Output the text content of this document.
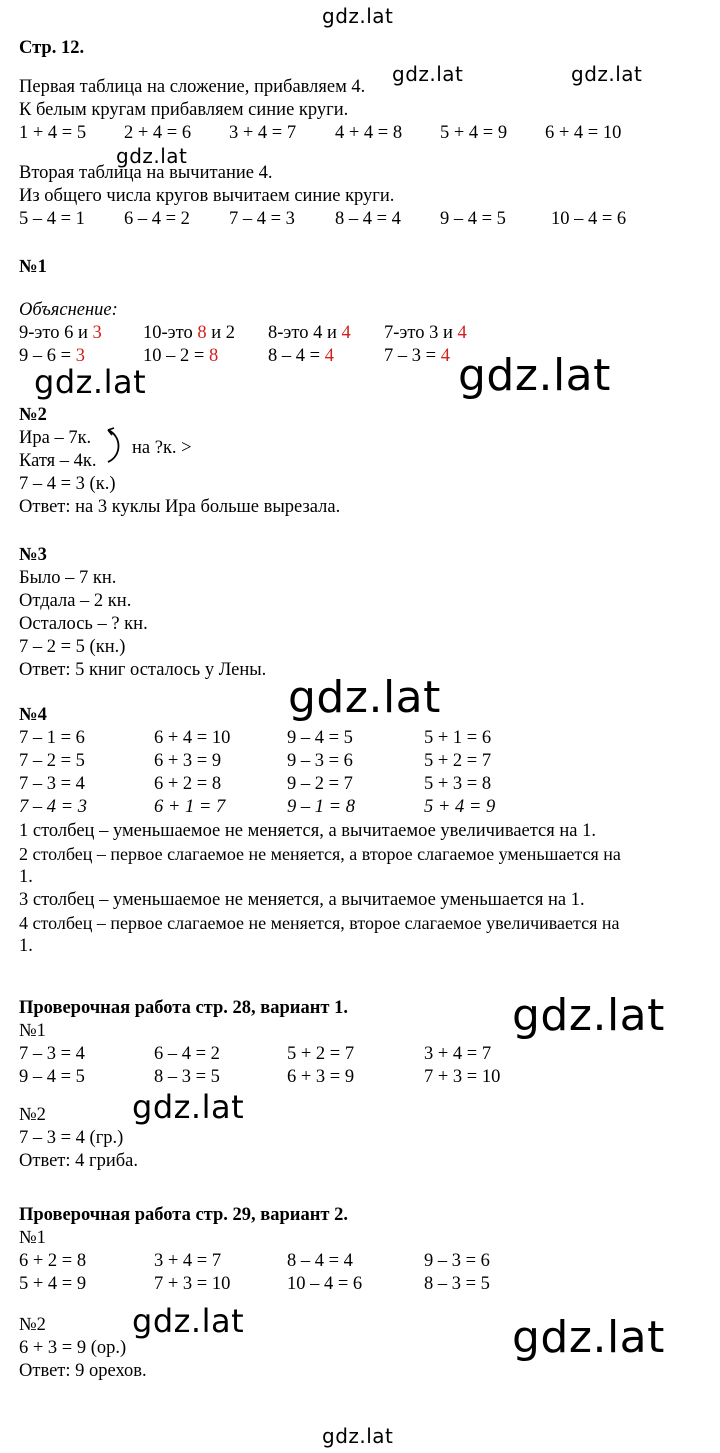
gdz.lat
gdz.lat	gdz.lat
gdz.lat
gdz.lat	gdz.lat
gdz.lat
gdz.lat
gdz.lat
gdz.lat	gdz.lat
gdz.lat
Стр. 12.
Первая таблица на сложение, прибавляем 4.
К белым кругам прибавляем синие круги.
1 + 4 = 5 2 + 4 = 6 3 + 4 = 7 4 + 4 = 8 5 + 4 = 9 6 + 4 = 10
Вторая таблица на вычитание 4.
Из общего числа кругов вычитаем синие круги.
5 – 4 = 1 6 – 4 = 2 7 – 4 = 3 8 – 4 = 4 9 – 4 = 5 10 – 4 = 6
№1
Объяснение:
9-это 6 и 3 10-это 8 и 2 8-это 4 и 4 7-это 3 и 4
9 – 6 = 3	10 – 2 = 8	8 – 4 = 4	7 – 3 = 4
№2
Ира – 7к.
Катя – 4к.
на ?к. >
7 – 4 = 3 (к.)
Ответ: на 3 куклы Ира больше вырезала.
№3
Было – 7 кн.
Отдала – 2 кн.
Осталось – ? кн.
7 – 2 = 5 (кн.)
Ответ: 5 книг осталось у Лены.
№4
7 – 1 = 6	6 + 4 = 10	9 – 4 = 5	5 + 1 = 6
7 – 2 = 5	6 + 3 = 9	9 – 3 = 6	5 + 2 = 7
7 – 3 = 4	6 + 2 = 8	9 – 2 = 7	5 + 3 = 8
7 – 4 = 3	6 + 1 = 7	9 – 1 = 8	5 + 4 = 9
1 столбец – уменьшаемое не меняется, а вычитаемое увеличивается на 1.
2 столбец – первое слагаемое не меняется, а второе слагаемое уменьшается на
1.
3 столбец – уменьшаемое не меняется, а вычитаемое уменьшается на 1.
4 столбец – первое слагаемое не меняется, второе слагаемое увеличивается на
1.
Проверочная работа стр. 28, вариант 1.
№1
7 – 3 = 4	6 – 4 = 2	5 + 2 = 7	3 + 4 = 7
9 – 4 = 5	8 – 3 = 5	6 + 3 = 9	7 + 3 = 10
№2
7 – 3 = 4 (гр.)
Ответ: 4 гриба.
Проверочная работа стр. 29, вариант 2.
№1
6 + 2 = 8	3 + 4 = 7	8 – 4 = 4	9 – 3 = 6
5 + 4 = 9	7 + 3 = 10	10 – 4 = 6	8 – 3 = 5
№2
6 + 3 = 9 (ор.)
Ответ: 9 орехов.
